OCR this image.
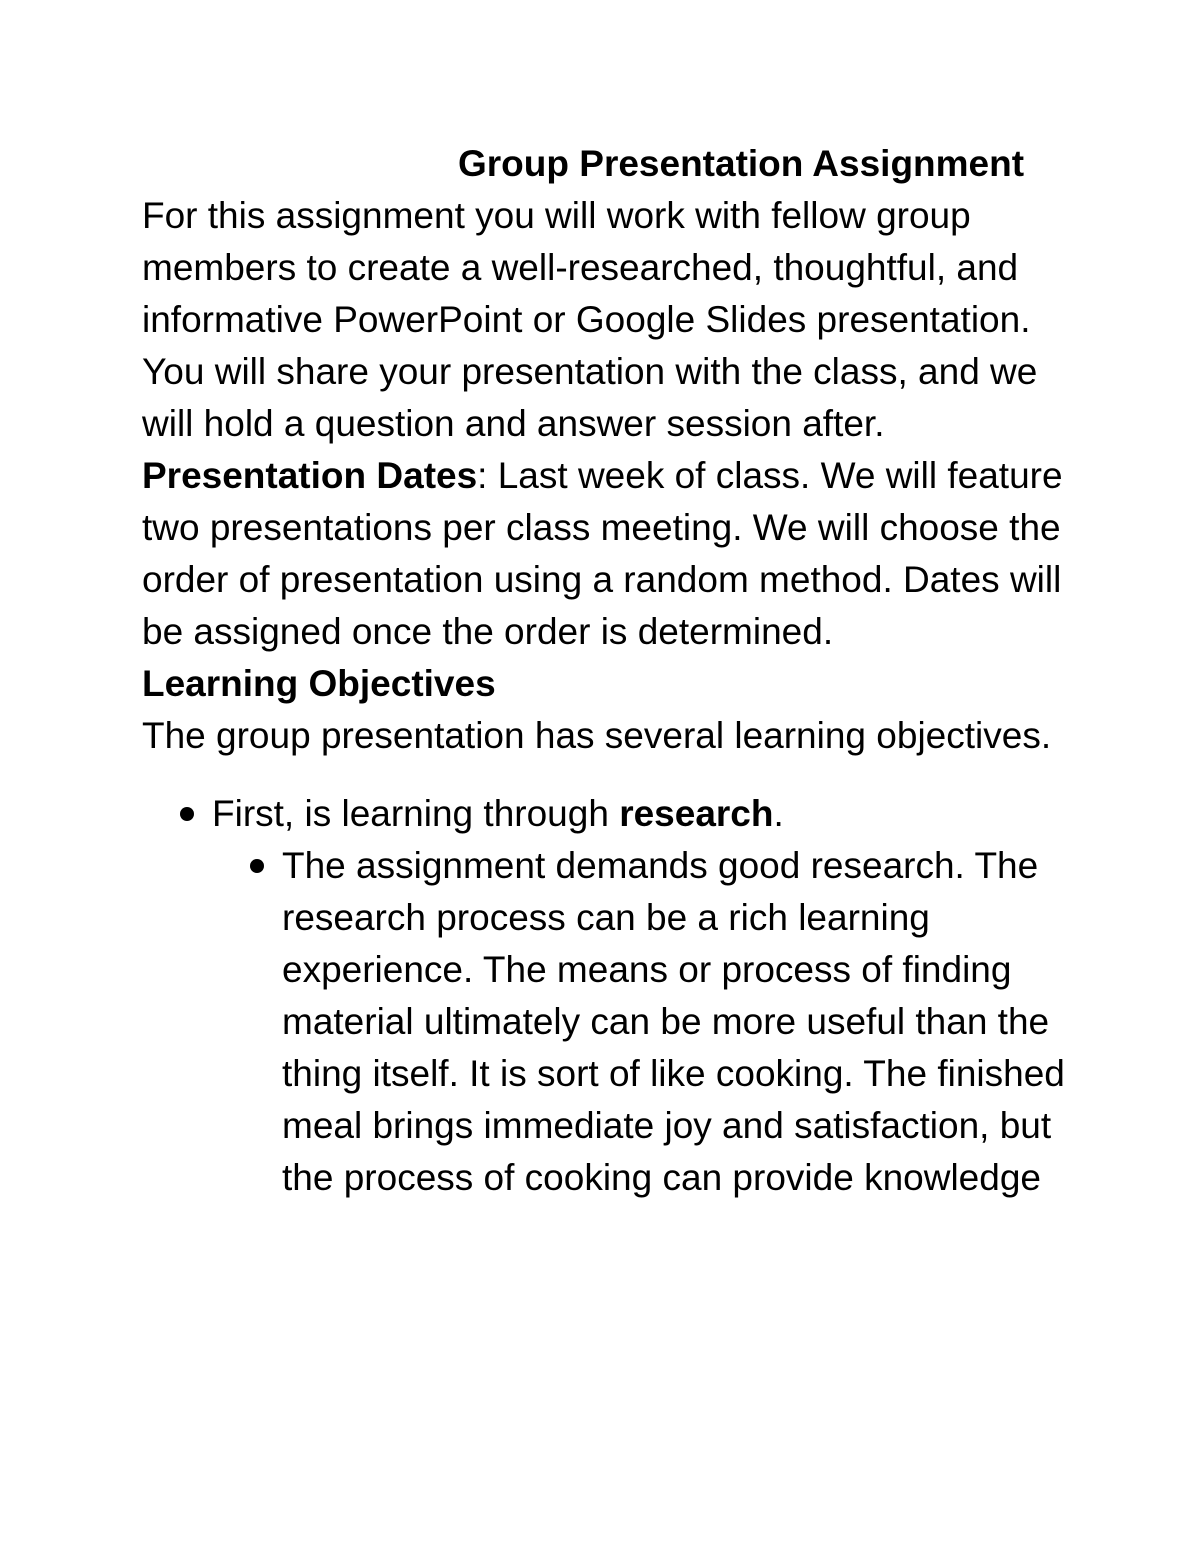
Group Presentation Assignment

For this assignment you will work with fellow group members to create a well-researched, thoughtful, and informative PowerPoint or Google Slides presentation. You will share your presentation with the class, and we will hold a question and answer session after.

Presentation Dates: Last week of class. We will feature two presentations per class meeting. We will choose the order of presentation using a random method. Dates will be assigned once the order is determined.

Learning Objectives

The group presentation has several learning objectives.

First, is learning through research.
The assignment demands good research. The research process can be a rich learning experience. The means or process of finding material ultimately can be more useful than the thing itself. It is sort of like cooking. The finished meal brings immediate joy and satisfaction, but the process of cooking can provide knowledge
